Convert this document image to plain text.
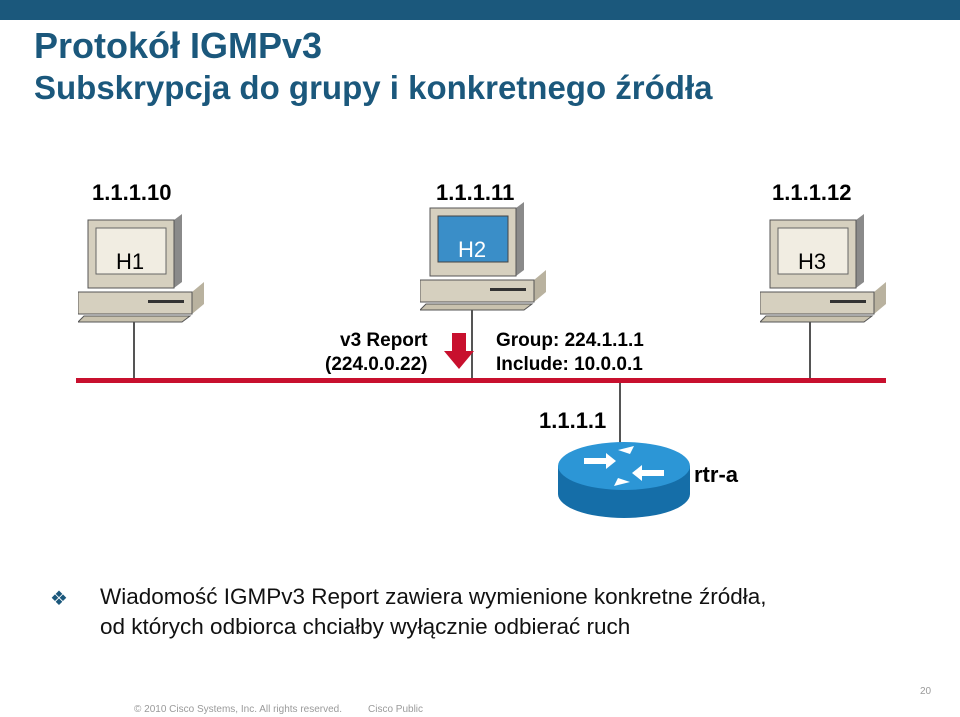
Protokół IGMPv3
Subskrypcja do grupy i konkretnego źródła
1.1.1.10	1.1.1.11	1.1.1.12
H1	H2	H3
v3 Report
(224.0.0.22)
Group: 224.1.1.1
Include: 10.0.0.1
1.1.1.1
rtr-a
❖ Wiadomość IGMPv3 Report zawiera wymienione konkretne źródła,
od których odbiorca chciałby wyłącznie odbierać ruch
© 2010 Cisco Systems, Inc. All rights reserved.	Cisco Public
20
